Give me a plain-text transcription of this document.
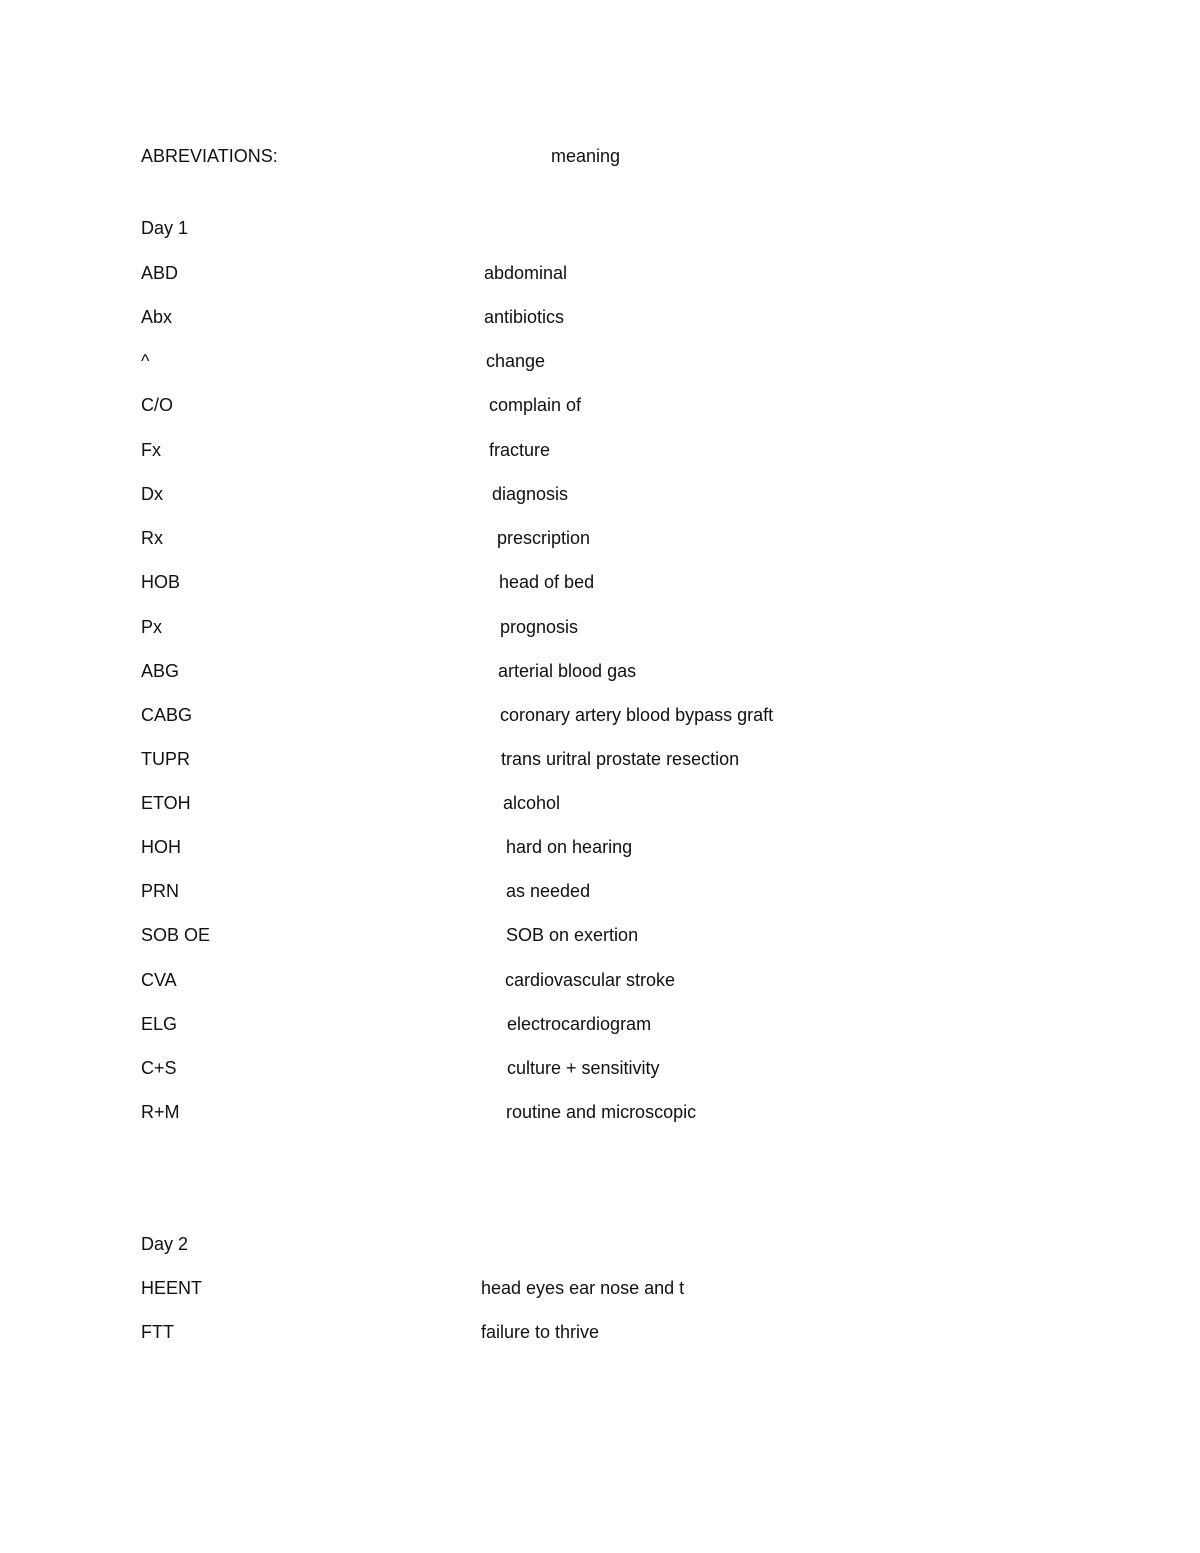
ABREVIATIONS:	meaning
Day 1
ABD	abdominal
Abx	antibiotics
^	change
C/O	complain of
Fx	fracture
Dx	diagnosis
Rx	prescription
HOB	head of bed
Px	prognosis
ABG	arterial blood gas
CABG	coronary artery blood bypass graft
TUPR	trans uritral prostate resection
ETOH	alcohol
HOH	hard on hearing
PRN	as needed
SOB OE	SOB on exertion
CVA	cardiovascular stroke
ELG	electrocardiogram
C+S	culture + sensitivity
R+M	routine and microscopic
Day 2
HEENT	head eyes ear nose and t
FTT	failure to thrive
